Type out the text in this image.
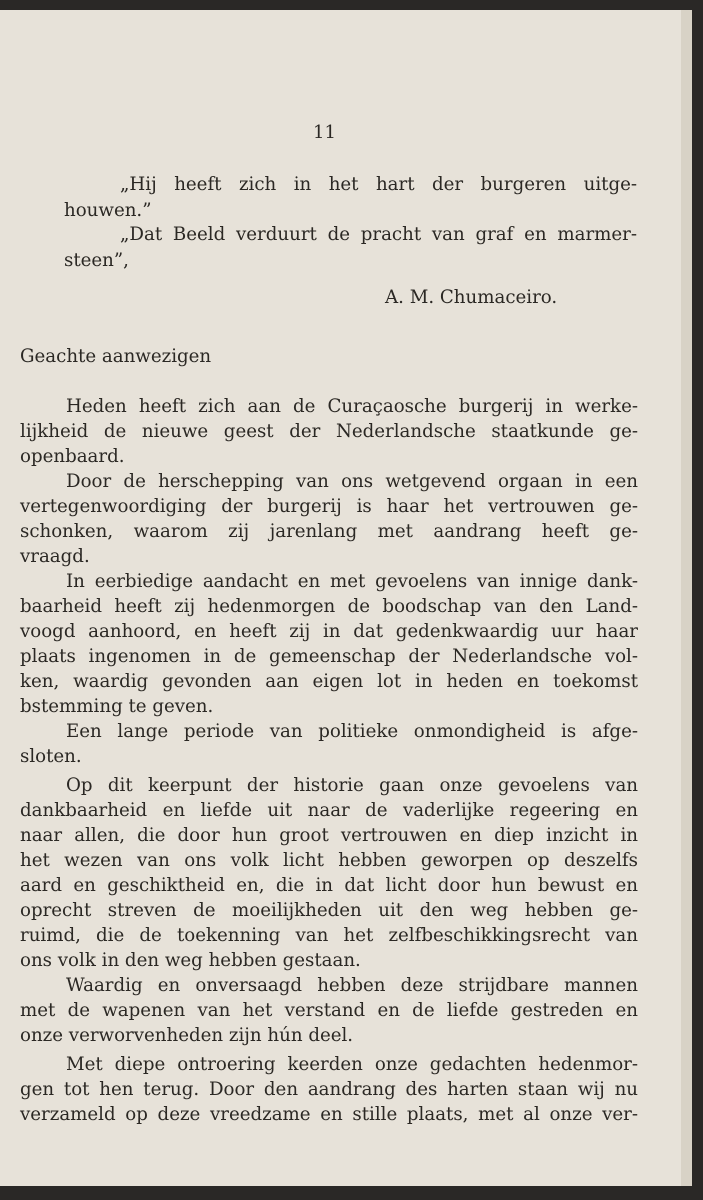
11
„Hij heeft zich in het hart der burgeren uitge-
houwen.”
„Dat Beeld verduurt de pracht van graf en marmer-
steen”,
A. M. Chumaceiro.
Geachte aanwezigen
Heden heeft zich aan de Curaçaosche burgerij in werke-
lijkheid de nieuwe geest der Nederlandsche staatkunde ge-
openbaard.
Door de herschepping van ons wetgevend orgaan in een
vertegenwoordiging der burgerij is haar het vertrouwen ge-
schonken, waarom zij jarenlang met aandrang heeft ge-
vraagd.
In eerbiedige aandacht en met gevoelens van innige dank-
baarheid heeft zij hedenmorgen de boodschap van den Land-
voogd aanhoord, en heeft zij in dat gedenkwaardig uur haar
plaats ingenomen in de gemeenschap der Nederlandsche vol-
ken, waardig gevonden aan eigen lot in heden en toekomst
bstemming te geven.
Een lange periode van politieke onmondigheid is afge-
sloten.
Op dit keerpunt der historie gaan onze gevoelens van
dankbaarheid en liefde uit naar de vaderlijke regeering en
naar allen, die door hun groot vertrouwen en diep inzicht in
het wezen van ons volk licht hebben geworpen op deszelfs
aard en geschiktheid en, die in dat licht door hun bewust en
oprecht streven de moeilijkheden uit den weg hebben ge-
ruimd, die de toekenning van het zelfbeschikkingsrecht van
ons volk in den weg hebben gestaan.
Waardig en onversaagd hebben deze strijdbare mannen
met de wapenen van het verstand en de liefde gestreden en
onze verworvenheden zijn hún deel.
Met diepe ontroering keerden onze gedachten hedenmor-
gen tot hen terug. Door den aandrang des harten staan wij nu
verzameld op deze vreedzame en stille plaats, met al onze ver-
